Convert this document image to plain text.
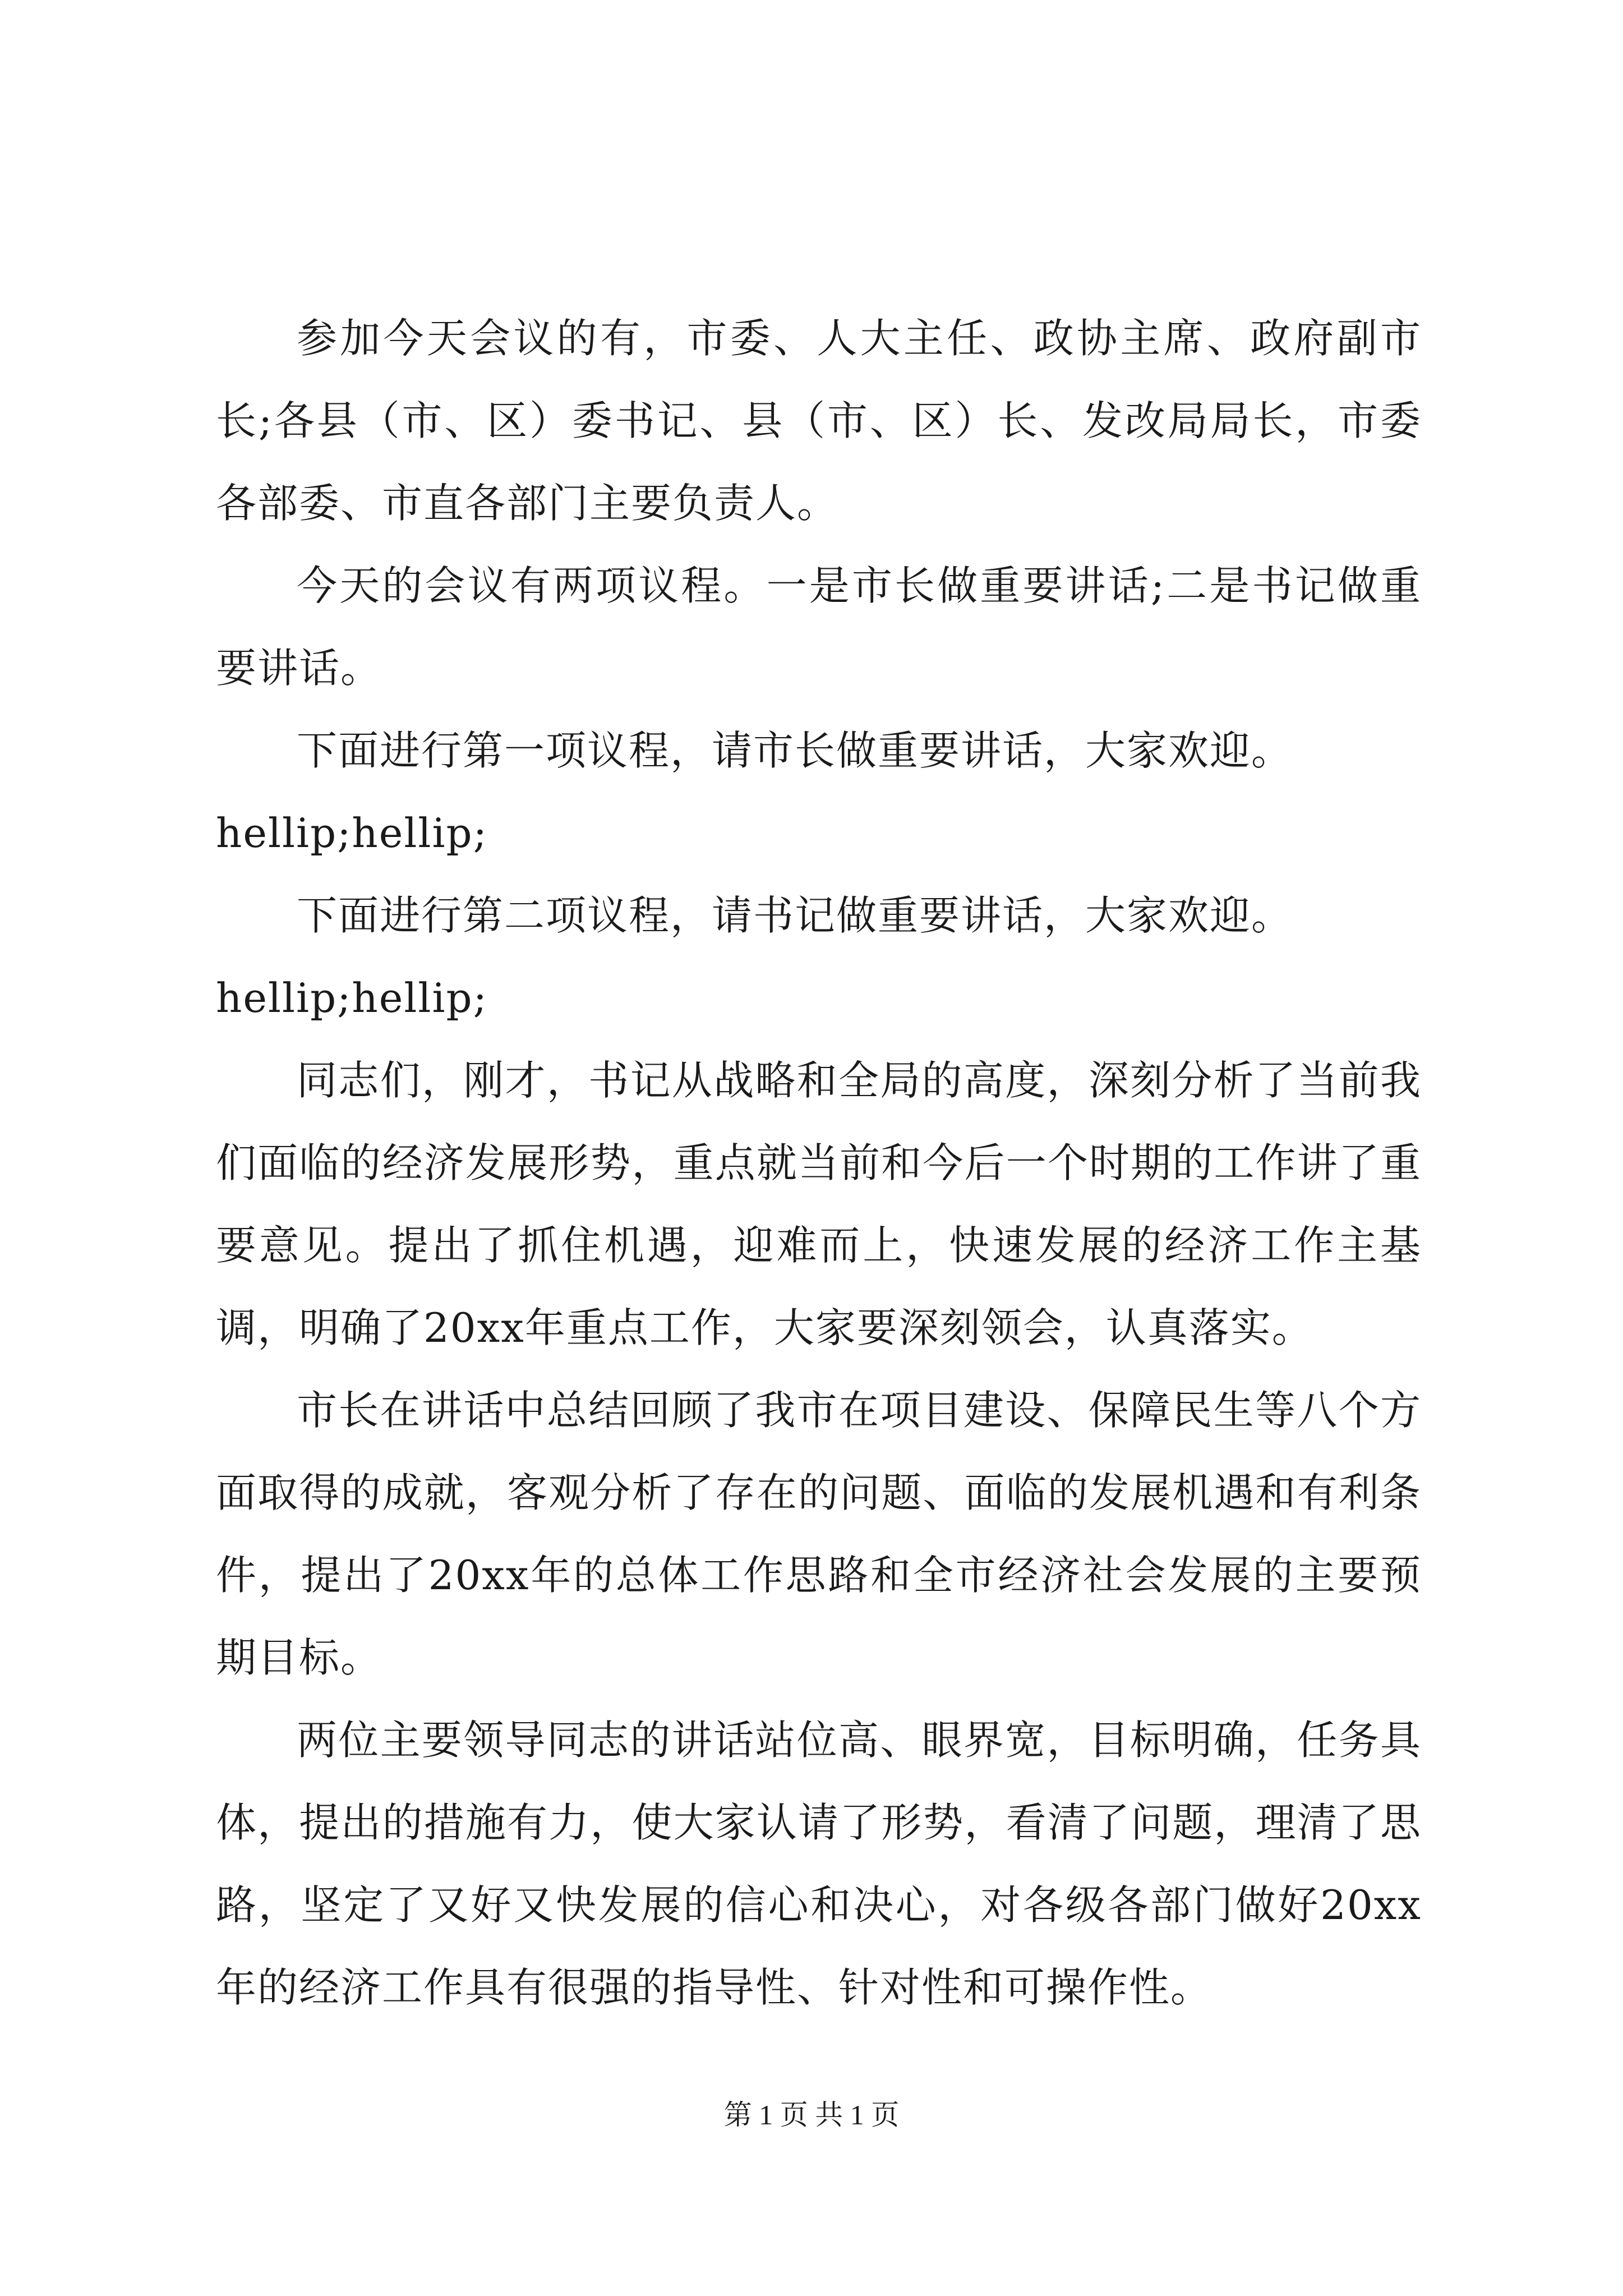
参加今天会议的有，市委、人大主任、政协主席、政府副市长;各县（市、区）委书记、县（市、区）长、发改局局长，市委各部委、市直各部门主要负责人。

今天的会议有两项议程。一是市长做重要讲话;二是书记做重要讲话。

下面进行第一项议程，请市长做重要讲话，大家欢迎。

hellip;hellip;

下面进行第二项议程，请书记做重要讲话，大家欢迎。

hellip;hellip;

同志们，刚才，书记从战略和全局的高度，深刻分析了当前我们面临的经济发展形势，重点就当前和今后一个时期的工作讲了重要意见。提出了抓住机遇，迎难而上，快速发展的经济工作主基调，明确了20xx年重点工作，大家要深刻领会，认真落实。

市长在讲话中总结回顾了我市在项目建设、保障民生等八个方面取得的成就，客观分析了存在的问题、面临的发展机遇和有利条件，提出了20xx年的总体工作思路和全市经济社会发展的主要预期目标。

两位主要领导同志的讲话站位高、眼界宽，目标明确，任务具体，提出的措施有力，使大家认请了形势，看清了问题，理清了思路，坚定了又好又快发展的信心和决心，对各级各部门做好20xx年的经济工作具有很强的指导性、针对性和可操作性。

第 1 页 共 1 页
